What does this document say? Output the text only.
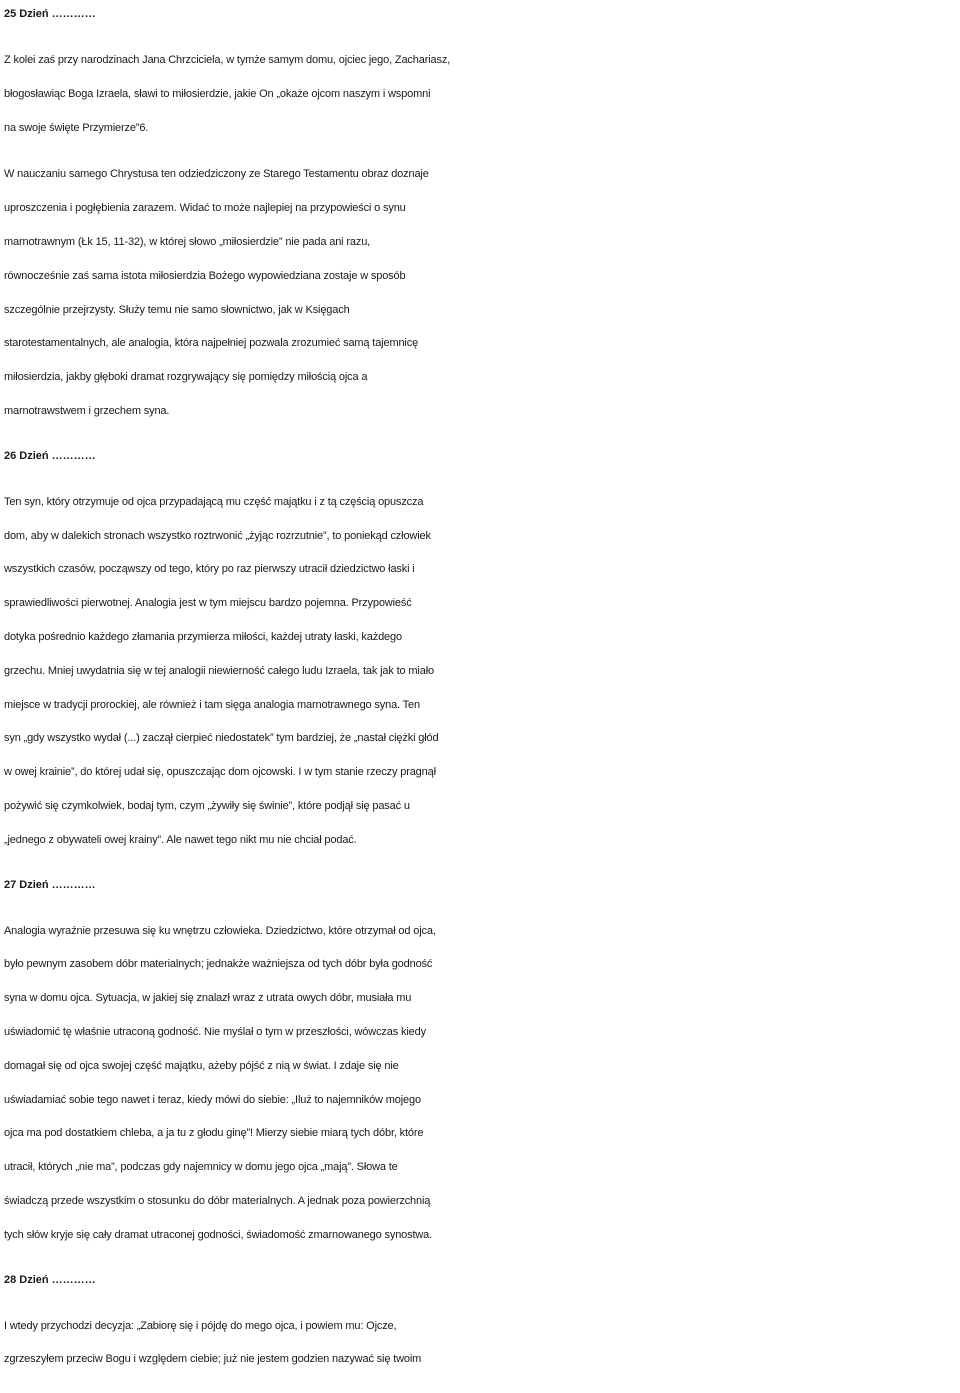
25 Dzień …………
Z kolei zaś przy narodzinach Jana Chrzciciela, w tymże samym domu, ojciec jego, Zachariasz,
błogosławiąc Boga Izraela, sławi to miłosierdzie, jakie On „okaże ojcom naszym i wspomni
na swoje święte Przymierze”6.
W nauczaniu samego Chrystusa ten odziedziczony ze Starego Testamentu obraz doznaje
uproszczenia i pogłębienia zarazem. Widać to może najlepiej na przypowieści o synu
marnotrawnym (Łk 15, 11-32), w której słowo „miłosierdzie” nie pada ani razu,
równocześnie zaś sama istota miłosierdzia Bożego wypowiedziana zostaje w sposób
szczególnie przejrzysty. Służy temu nie samo słownictwo, jak w Księgach
starotestamentalnych, ale analogia, która najpełniej pozwala zrozumieć samą tajemnicę
miłosierdzia, jakby głęboki dramat rozgrywający się pomiędzy miłością ojca a
marnotrawstwem i grzechem syna.
26 Dzień …………
Ten syn, który otrzymuje od ojca przypadającą mu część majątku i z tą częścią opuszcza
dom, aby w dalekich stronach wszystko roztrwonić „żyjąc rozrzutnie”, to poniekąd człowiek
wszystkich czasów, począwszy od tego, który po raz pierwszy utracił dziedzictwo łaski i
sprawiedliwości pierwotnej. Analogia jest w tym miejscu bardzo pojemna. Przypowieść
dotyka pośrednio każdego złamania przymierza miłości, każdej utraty łaski, każdego
grzechu. Mniej uwydatnia się w tej analogii niewierność całego ludu Izraela, tak jak to miało
miejsce w tradycji prorockiej, ale również i tam sięga analogia marnotrawnego syna. Ten
syn „gdy wszystko wydał (...) zaczął cierpieć niedostatek” tym bardziej, że „nastał ciężki głód
w owej krainie”, do której udał się, opuszczając dom ojcowski. I w tym stanie rzeczy pragnął
pożywić się czymkolwiek, bodaj tym, czym „żywiły się świnie”, które podjął się pasać u
„jednego z obywateli owej krainy”. Ale nawet tego nikt mu nie chciał podać.
27 Dzień …………
Analogia wyraźnie przesuwa się ku wnętrzu człowieka. Dziedzictwo, które otrzymał od ojca,
było pewnym zasobem dóbr materialnych; jednakże ważniejsza od tych dóbr była godność
syna w domu ojca. Sytuacja, w jakiej się znalazł wraz z utrata owych dóbr, musiała mu
uświadomić tę właśnie utraconą godność. Nie myślał o tym w przeszłości, wówczas kiedy
domagał się od ojca swojej część majątku, ażeby pójść z nią w świat. I zdaje się nie
uświadamiać sobie tego nawet i teraz, kiedy mówi do siebie: „Iluż to najemników mojego
ojca ma pod dostatkiem chleba, a ja tu z głodu ginę”! Mierzy siebie miarą tych dóbr, które
utracił, których „nie ma”, podczas gdy najemnicy w domu jego ojca „mają”. Słowa te
świadczą przede wszystkim o stosunku do dóbr materialnych. A jednak poza powierzchnią
tych słów kryje się cały dramat utraconej godności, świadomość zmarnowanego synostwa.
28 Dzień …………
I wtedy przychodzi decyzja: „Zabiorę się i pójdę do mego ojca, i powiem mu: Ojcze,
zgrzeszyłem przeciw Bogu i względem ciebie; już nie jestem godzien nazywać się twoim
